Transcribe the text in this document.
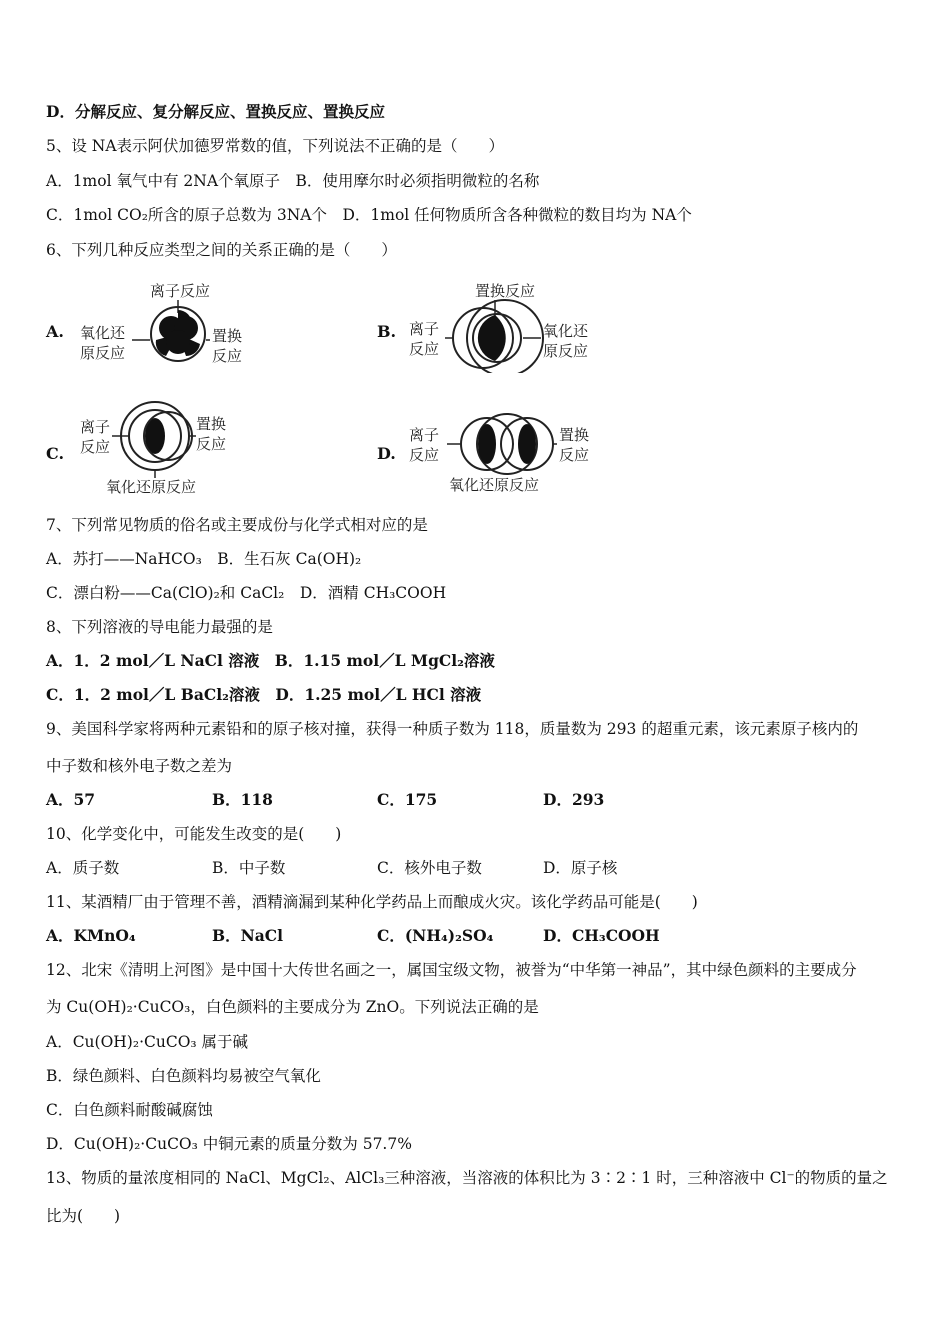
D．分解反应、复分解反应、置换反应、置换反应
5、设 NA表示阿伏加德罗常数的值，下列说法不正确的是（　　）
A．1mol 氧气中有 2NA个氧原子　B．使用摩尔时必须指明微粒的名称
C．1mol CO₂所含的原子总数为 3NA个　D．1mol 任何物质所含各种微粒的数目均为 NA个
6、下列几种反应类型之间的关系正确的是（　　）
A.	B.
C.	D.
离子反应
氧化还
原反应
置换
反应
置换反应
离子
反应
氧化还
原反应
离子
反应
置换
反应
氧化还原反应
离子
反应
置换
反应
氧化还原反应
7、下列常见物质的俗名或主要成份与化学式相对应的是
A．苏打——NaHCO₃　B．生石灰 Ca(OH)₂
C．漂白粉——Ca(ClO)₂和 CaCl₂　D．酒精 CH₃COOH
8、下列溶液的导电能力最强的是
A．1．2 mol／L NaCl 溶液　B．1.15 mol／L MgCl₂溶液
C．1．2 mol／L BaCl₂溶液　D．1.25 mol／L HCl 溶液
9、美国科学家将两种元素铅和的原子核对撞，获得一种质子数为 118，质量数为 293 的超重元素，该元素原子核内的
中子数和核外电子数之差为
A．57	B．118	C．175	D．293
10、化学变化中，可能发生改变的是(　　)
A．质子数	B．中子数	C．核外电子数	D．原子核
11、某酒精厂由于管理不善，酒精滴漏到某种化学药品上而酿成火灾。该化学药品可能是(　　)
A．KMnO₄	B．NaCl	C．(NH₄)₂SO₄	D．CH₃COOH
12、北宋《清明上河图》是中国十大传世名画之一，属国宝级文物，被誉为“中华第一神品”，其中绿色颜料的主要成分
为 Cu(OH)₂·CuCO₃，白色颜料的主要成分为 ZnO。下列说法正确的是
A．Cu(OH)₂·CuCO₃ 属于碱
B．绿色颜料、白色颜料均易被空气氧化
C．白色颜料耐酸碱腐蚀
D．Cu(OH)₂·CuCO₃ 中铜元素的质量分数为 57.7%
13、物质的量浓度相同的 NaCl、MgCl₂、AlCl₃三种溶液，当溶液的体积比为 3∶2∶1 时，三种溶液中 Cl⁻的物质的量之
比为(　　)
